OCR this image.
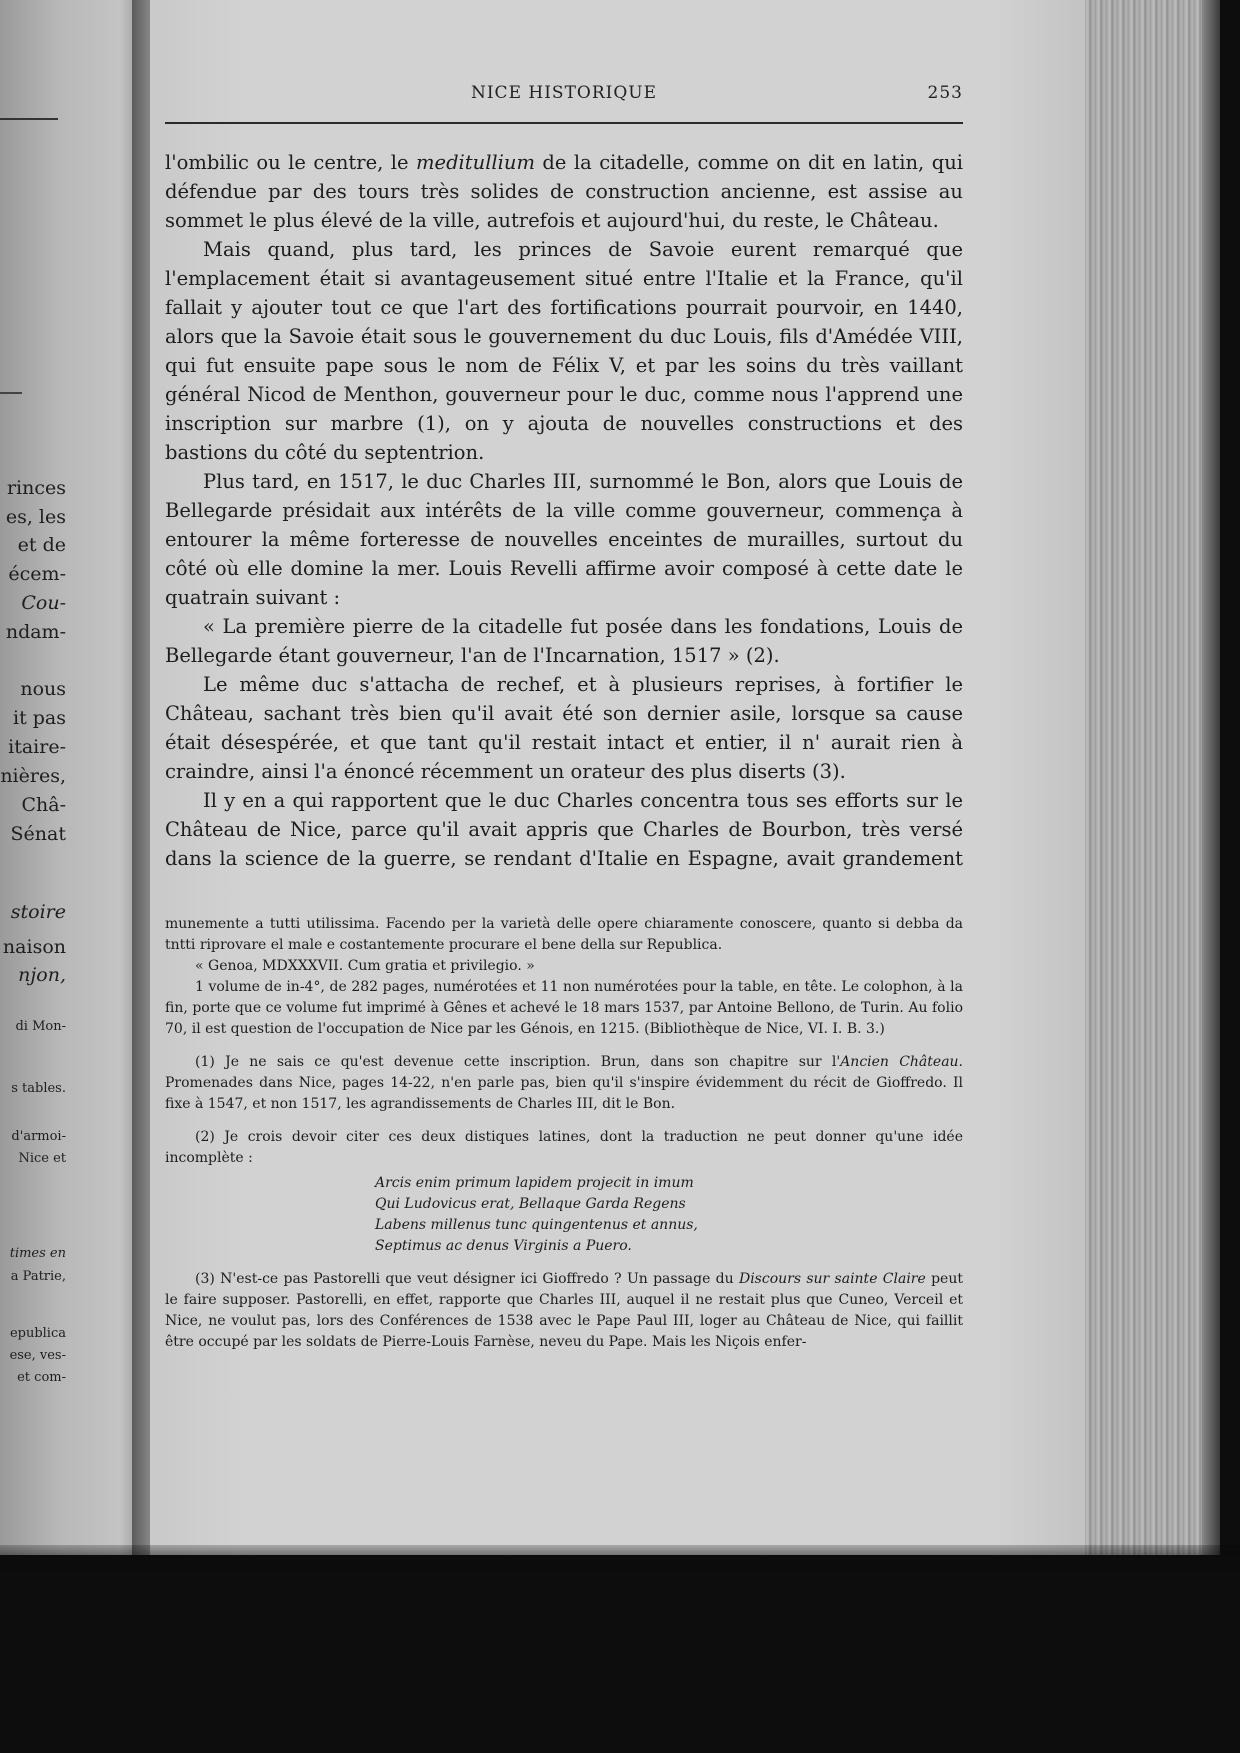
rinces
es, les
et de
écem-
Cou-
ndam-
nous
it pas
itaire-
nières,
Châ-
Sénat
stoire
naison
njon,
di Mon-
s tables.
d'armoi-
Nice et
times en
a Patrie,
epublica
ese, ves-
et com-
NICE HISTORIQUE	253

l'ombilic ou le centre, le meditullium de la citadelle, comme on dit en latin, qui défendue par des tours très solides de construction ancienne, est assise au sommet le plus élevé de la ville, autrefois et aujourd'hui, du reste, le Château.

Mais quand, plus tard, les princes de Savoie eurent remarqué que l'emplacement était si avantageusement situé entre l'Italie et la France, qu'il fallait y ajouter tout ce que l'art des fortifications pourrait pourvoir, en 1440, alors que la Savoie était sous le gouvernement du duc Louis, fils d'Amédée VIII, qui fut ensuite pape sous le nom de Félix V, et par les soins du très vaillant général Nicod de Menthon, gouverneur pour le duc, comme nous l'apprend une inscription sur marbre (1), on y ajouta de nouvelles constructions et des bastions du côté du septentrion.

Plus tard, en 1517, le duc Charles III, surnommé le Bon, alors que Louis de Bellegarde présidait aux intérêts de la ville comme gouverneur, commença à entourer la même forteresse de nouvelles enceintes de murailles, surtout du côté où elle domine la mer. Louis Revelli affirme avoir composé à cette date le quatrain suivant :

« La première pierre de la citadelle fut posée dans les fondations, Louis de Bellegarde étant gouverneur, l'an de l'Incarnation, 1517 » (2).

Le même duc s'attacha de rechef, et à plusieurs reprises, à fortifier le Château, sachant très bien qu'il avait été son dernier asile, lorsque sa cause était désespérée, et que tant qu'il restait intact et entier, il n' aurait rien à craindre, ainsi l'a énoncé récemment un orateur des plus diserts (3).

Il y en a qui rapportent que le duc Charles concentra tous ses efforts sur le Château de Nice, parce qu'il avait appris que Charles de Bourbon, très versé dans la science de la guerre, se rendant d'Italie en Espagne, avait grandement

munemente a tutti utilissima. Facendo per la varietà delle opere chiaramente conoscere, quanto si debba da tntti riprovare el male e costantemente procurare el bene della sur Republica.

« Genoa, MDXXXVII. Cum gratia et privilegio. »

1 volume de in-4°, de 282 pages, numérotées et 11 non numérotées pour la table, en tête. Le colophon, à la fin, porte que ce volume fut imprimé à Gênes et achevé le 18 mars 1537, par Antoine Bellono, de Turin. Au folio 70, il est question de l'occupation de Nice par les Génois, en 1215. (Bibliothèque de Nice, VI. I. B. 3.)

(1) Je ne sais ce qu'est devenue cette inscription. Brun, dans son chapitre sur l'Ancien Château. Promenades dans Nice, pages 14-22, n'en parle pas, bien qu'il s'inspire évidemment du récit de Gioffredo. Il fixe à 1547, et non 1517, les agrandissements de Charles III, dit le Bon.

(2) Je crois devoir citer ces deux distiques latines, dont la traduction ne peut donner qu'une idée incomplète :

Arcis enim primum lapidem projecit in imum
Qui Ludovicus erat, Bellaque Garda Regens
Labens millenus tunc quingentenus et annus,
Septimus ac denus Virginis a Puero.

(3) N'est-ce pas Pastorelli que veut désigner ici Gioffredo ? Un passage du Discours sur sainte Claire peut le faire supposer. Pastorelli, en effet, rapporte que Charles III, auquel il ne restait plus que Cuneo, Verceil et Nice, ne voulut pas, lors des Conférences de 1538 avec le Pape Paul III, loger au Château de Nice, qui faillit être occupé par les soldats de Pierre-Louis Farnèse, neveu du Pape. Mais les Niçois enfer-
